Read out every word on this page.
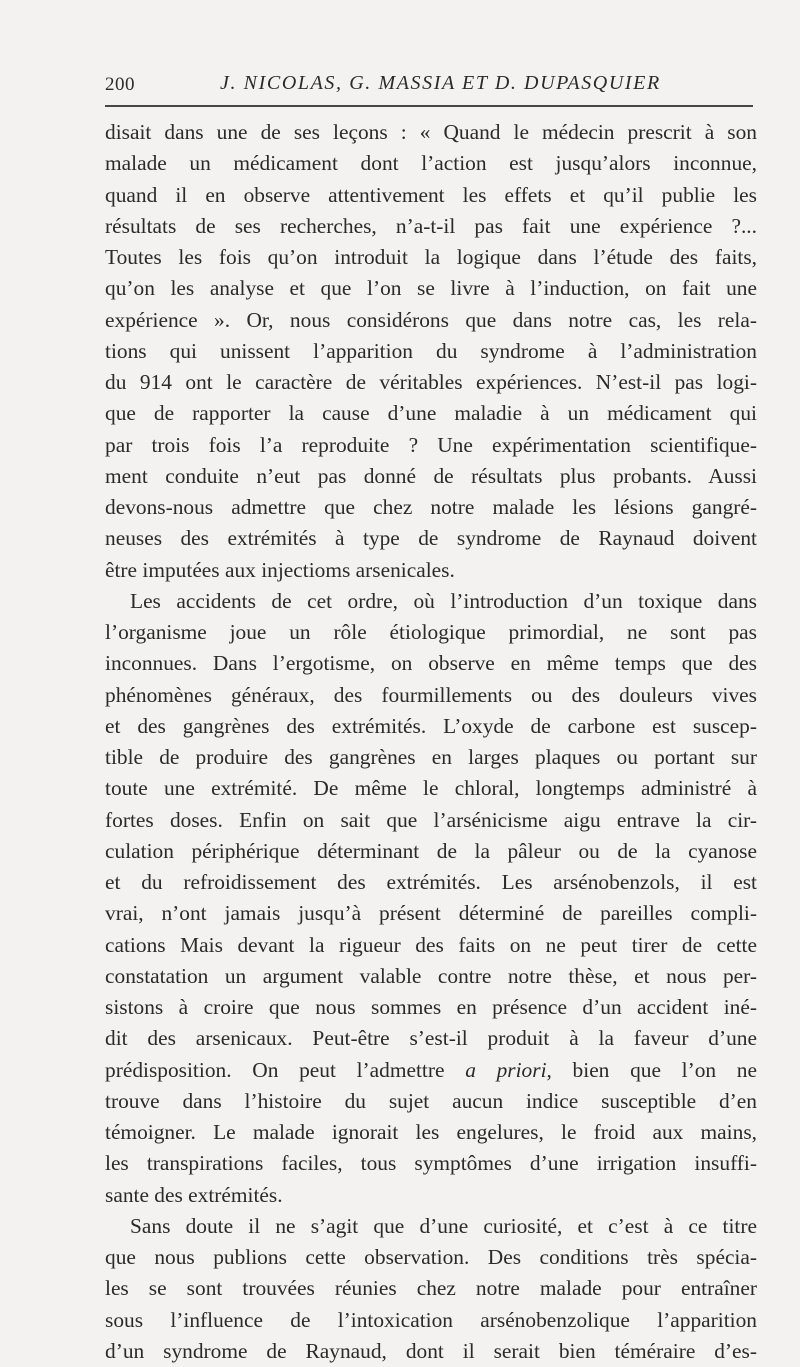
200	J. NICOLAS, G. MASSIA ET D. DUPASQUIER
disait dans une de ses leçons : « Quand le médecin prescrit à son
malade un médicament dont l’action est jusqu’alors inconnue,
quand il en observe attentivement les effets et qu’il publie les
résultats de ses recherches, n’a-t-il pas fait une expérience ?...
Toutes les fois qu’on introduit la logique dans l’étude des faits,
qu’on les analyse et que l’on se livre à l’induction, on fait une
expérience ». Or, nous considérons que dans notre cas, les rela-
tions qui unissent l’apparition du syndrome à l’administration
du 914 ont le caractère de véritables expériences. N’est-il pas logi-
que de rapporter la cause d’une maladie à un médicament qui
par trois fois l’a reproduite ? Une expérimentation scientifique-
ment conduite n’eut pas donné de résultats plus probants. Aussi
devons-nous admettre que chez notre malade les lésions gangré-
neuses des extrémités à type de syndrome de Raynaud doivent
être imputées aux injectioms arsenicales.
Les accidents de cet ordre, où l’introduction d’un toxique dans
l’organisme joue un rôle étiologique primordial, ne sont pas
inconnues. Dans l’ergotisme, on observe en même temps que des
phénomènes généraux, des fourmillements ou des douleurs vives
et des gangrènes des extrémités. L’oxyde de carbone est suscep-
tible de produire des gangrènes en larges plaques ou portant sur
toute une extrémité. De même le chloral, longtemps administré à
fortes doses. Enfin on sait que l’arsénicisme aigu entrave la cir-
culation périphérique déterminant de la pâleur ou de la cyanose
et du refroidissement des extrémités. Les arsénobenzols, il est
vrai, n’ont jamais jusqu’à présent déterminé de pareilles compli-
cations Mais devant la rigueur des faits on ne peut tirer de cette
constatation un argument valable contre notre thèse, et nous per-
sistons à croire que nous sommes en présence d’un accident iné-
dit des arsenicaux. Peut-être s’est-il produit à la faveur d’une
prédisposition. On peut l’admettre a priori, bien que l’on ne
trouve dans l’histoire du sujet aucun indice susceptible d’en
témoigner. Le malade ignorait les engelures, le froid aux mains,
les transpirations faciles, tous symptômes d’une irrigation insuffi-
sante des extrémités.
Sans doute il ne s’agit que d’une curiosité, et c’est à ce titre
que nous publions cette observation. Des conditions très spécia-
les se sont trouvées réunies chez notre malade pour entraîner
sous l’influence de l’intoxication arsénobenzolique l’apparition
d’un syndrome de Raynaud, dont il serait bien téméraire d’es-
